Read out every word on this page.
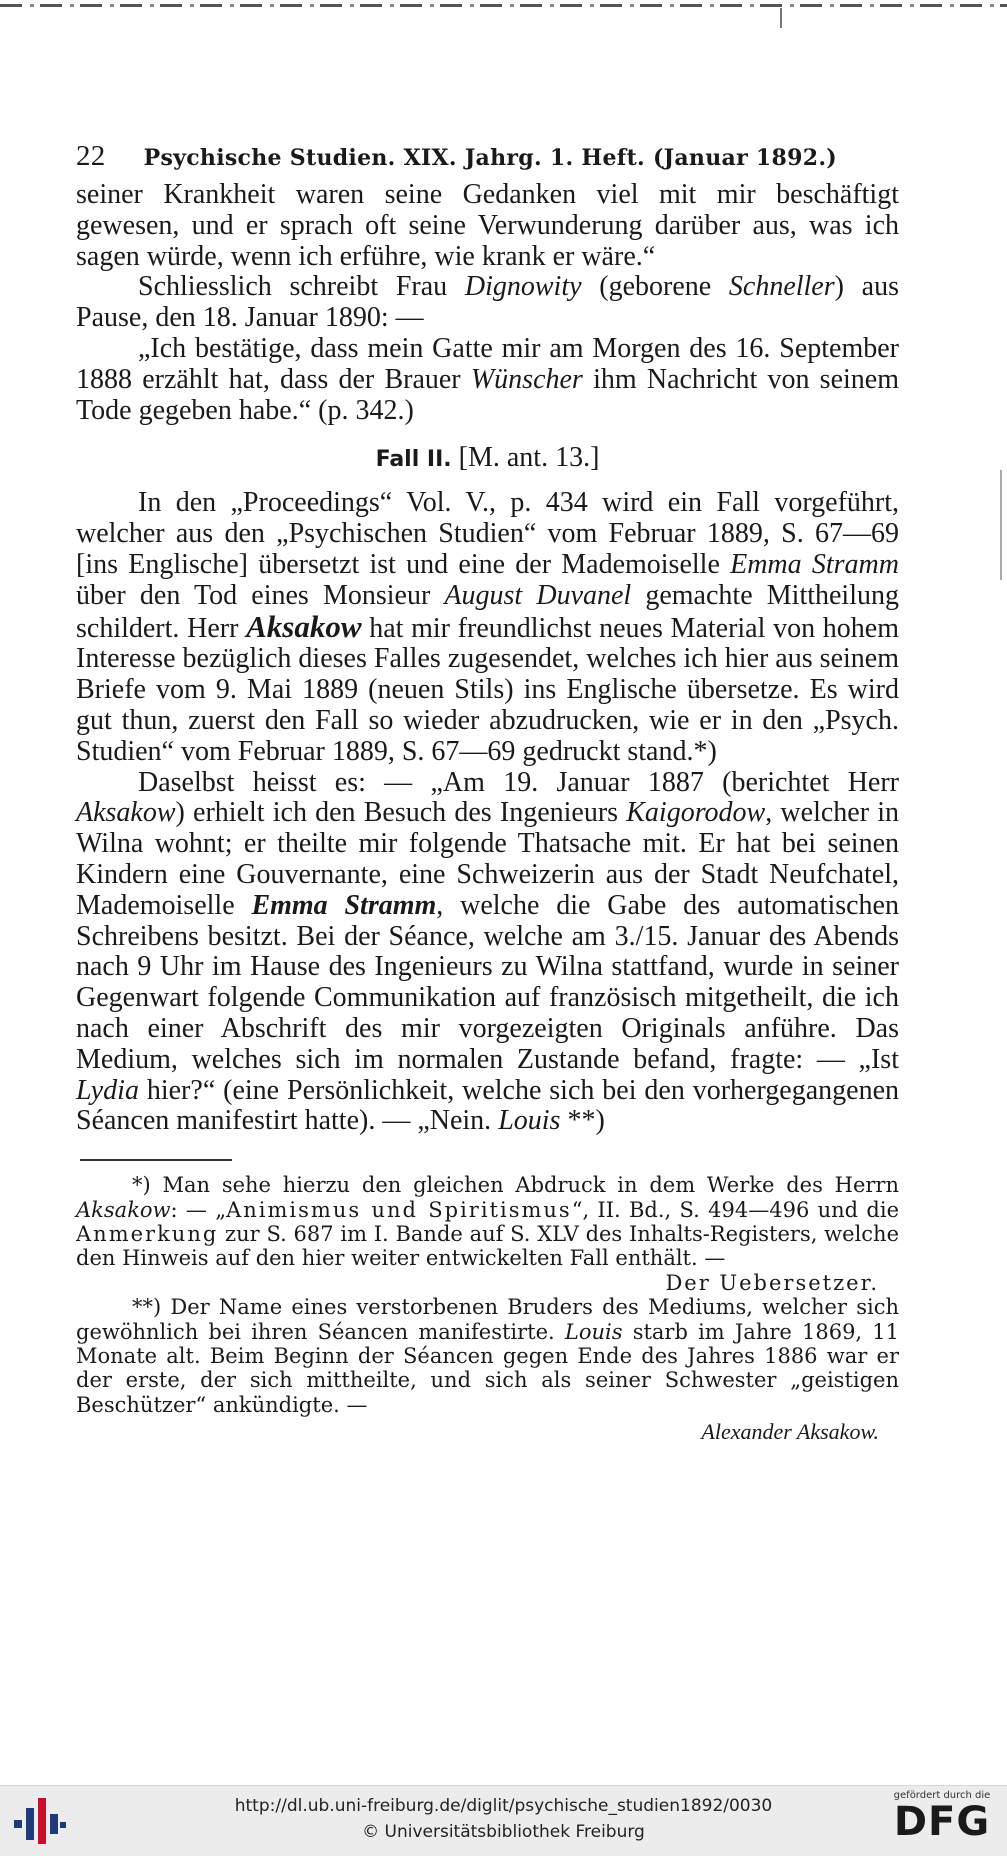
22 Psychische Studien. XIX. Jahrg. 1. Heft. (Januar 1892.)

seiner Krankheit waren seine Gedanken viel mit mir beschäftigt gewesen, und er sprach oft seine Verwunderung darüber aus, was ich sagen würde, wenn ich erführe, wie krank er wäre.“

Schliesslich schreibt Frau Dignowity (geborene Schneller) aus Pause, den 18. Januar 1890: —

„Ich bestätige, dass mein Gatte mir am Morgen des 16. September 1888 erzählt hat, dass der Brauer Wünscher ihm Nachricht von seinem Tode gegeben habe.“ (p. 342.)

Fall II. [M. ant. 13.]

In den „Proceedings“ Vol. V., p. 434 wird ein Fall vorgeführt, welcher aus den „Psychischen Studien“ vom Februar 1889, S. 67—69 [ins Englische] übersetzt ist und eine der Mademoiselle Emma Stramm über den Tod eines Monsieur August Duvanel gemachte Mittheilung schildert. Herr Aksakow hat mir freundlichst neues Material von hohem Interesse bezüglich dieses Falles zugesendet, welches ich hier aus seinem Briefe vom 9. Mai 1889 (neuen Stils) ins Englische übersetze. Es wird gut thun, zuerst den Fall so wieder abzudrucken, wie er in den „Psych. Studien“ vom Februar 1889, S. 67—69 gedruckt stand.*)

Daselbst heisst es: — „Am 19. Januar 1887 (berichtet Herr Aksakow) erhielt ich den Besuch des Ingenieurs Kaigorodow, welcher in Wilna wohnt; er theilte mir folgende Thatsache mit. Er hat bei seinen Kindern eine Gouvernante, eine Schweizerin aus der Stadt Neufchatel, Mademoiselle Emma Stramm, welche die Gabe des automatischen Schreibens besitzt. Bei der Séance, welche am 3./15. Januar des Abends nach 9 Uhr im Hause des Ingenieurs zu Wilna stattfand, wurde in seiner Gegenwart folgende Communikation auf französisch mitgetheilt, die ich nach einer Abschrift des mir vorgezeigten Originals anführe. Das Medium, welches sich im normalen Zustande befand, fragte: — „Ist Lydia hier?“ (eine Persönlichkeit, welche sich bei den vorhergegangenen Séancen manifestirt hatte). — „Nein. Louis **)

*) Man sehe hierzu den gleichen Abdruck in dem Werke des Herrn Aksakow: — „Animismus und Spiritismus“, II. Bd., S. 494—496 und die Anmerkung zur S. 687 im I. Bande auf S. XLV des Inhalts-Registers, welche den Hinweis auf den hier weiter entwickelten Fall enthält. —
Der Uebersetzer.

**) Der Name eines verstorbenen Bruders des Mediums, welcher sich gewöhnlich bei ihren Séancen manifestirte. Louis starb im Jahre 1869, 11 Monate alt. Beim Beginn der Séancen gegen Ende des Jahres 1886 war er der erste, der sich mittheilte, und sich als seiner Schwester „geistigen Beschützer“ ankündigte. —

Alexander Aksakow.
http://dl.ub.uni-freiburg.de/diglit/psychische_studien1892/0030
© Universitätsbibliothek Freiburg
gefördert durch die
DFG
